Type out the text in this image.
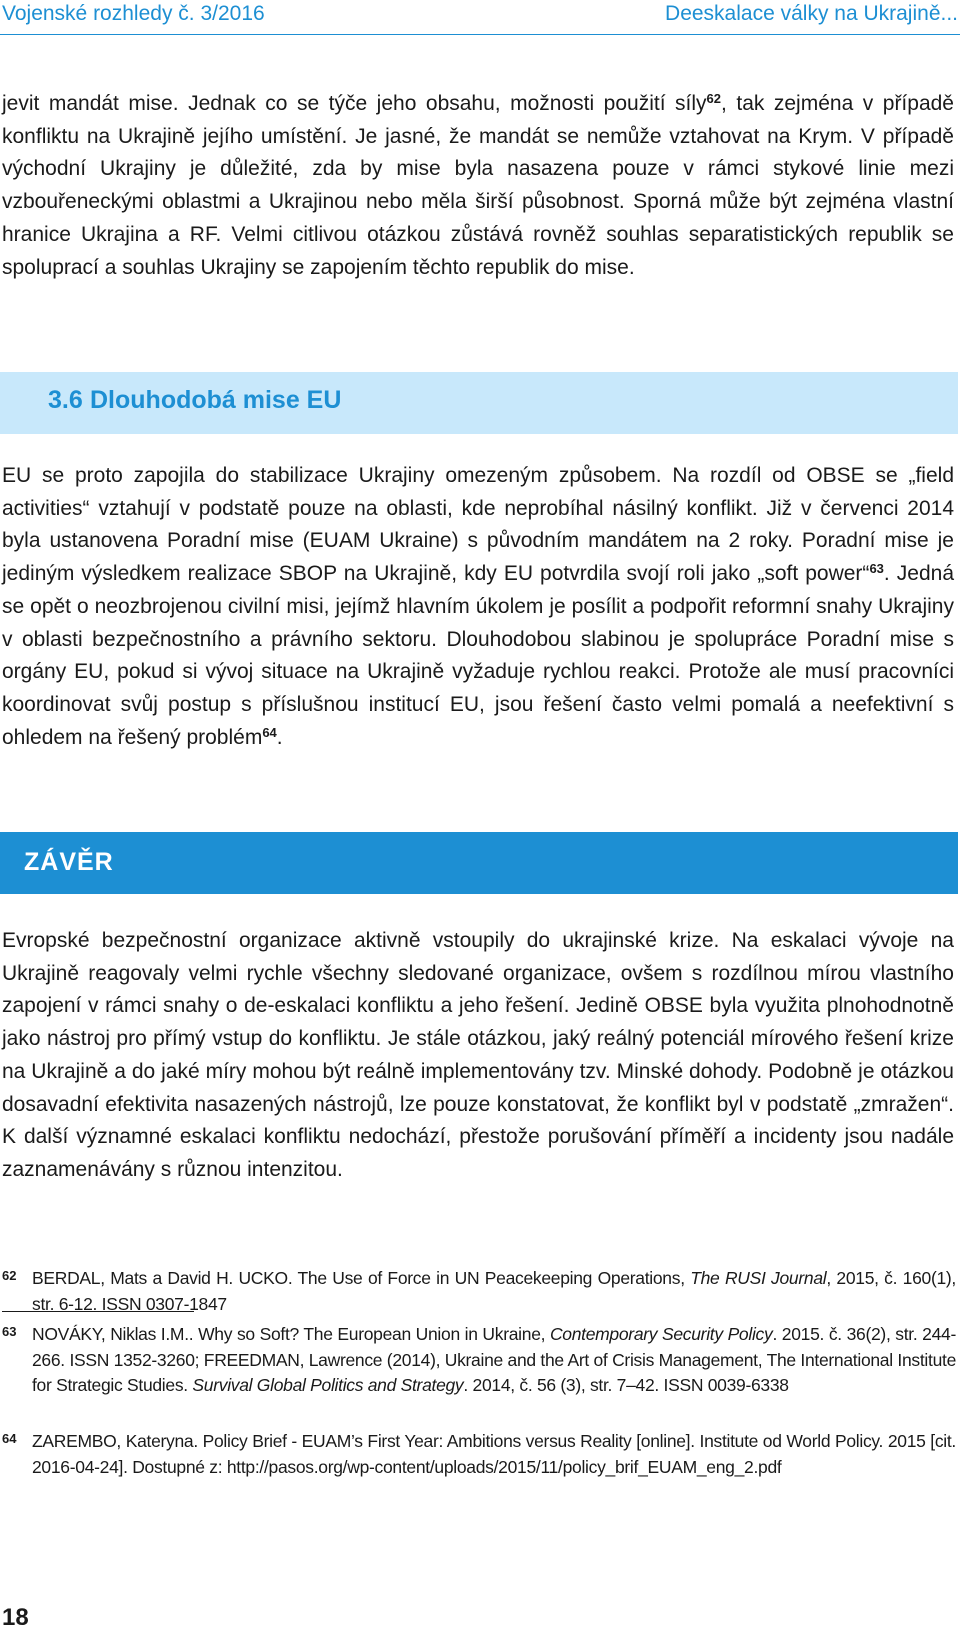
Vojenské rozhledy č. 3/2016	Deeskalace války na Ukrajině...

jevit mandát mise. Jednak co se týče jeho obsahu, možnosti použití síly$^{62}$, tak zejména v případě konfliktu na Ukrajině jejího umístění. Je jasné, že mandát se nemůže vztahovat na Krym. V případě východní Ukrajiny je důležité, zda by mise byla nasazena pouze v rámci stykové linie mezi vzbouřeneckými oblastmi a Ukrajinou nebo měla širší působnost. Sporná může být zejména vlastní hranice Ukrajina a RF. Velmi citlivou otázkou zůstává rovněž souhlas separatistických republik se spoluprací a souhlas Ukrajiny se zapojením těchto republik do mise.

3.6 Dlouhodobá mise EU

EU se proto zapojila do stabilizace Ukrajiny omezeným způsobem. Na rozdíl od OBSE se „field activities“ vztahují v podstatě pouze na oblasti, kde neprobíhal násilný konflikt. Již v červenci 2014 byla ustanovena Poradní mise (EUAM Ukraine) s původním mandátem na 2 roky. Poradní mise je jediným výsledkem realizace SBOP na Ukrajině, kdy EU potvrdila svojí roli jako „soft power“$^{63}$. Jedná se opět o neozbrojenou civilní misi, jejímž hlavním úkolem je posílit a podpořit reformní snahy Ukrajiny v oblasti bezpečnostního a právního sektoru. Dlouhodobou slabinou je spolupráce Poradní mise s orgány EU, pokud si vývoj situace na Ukrajině vyžaduje rychlou reakci. Protože ale musí pracovníci koordinovat svůj postup s příslušnou institucí EU, jsou řešení často velmi pomalá a neefektivní s ohledem na řešený problém$^{64}$.

ZÁVĚR

Evropské bezpečnostní organizace aktivně vstoupily do ukrajinské krize. Na eskalaci vývoje na Ukrajině reagovaly velmi rychle všechny sledované organizace, ovšem s rozdílnou mírou vlastního zapojení v rámci snahy o de-eskalaci konfliktu a jeho řešení. Jedině OBSE byla využita plnohodnotně jako nástroj pro přímý vstup do konfliktu. Je stále otázkou, jaký reálný potenciál mírového řešení krize na Ukrajině a do jaké míry mohou být reálně implementovány tzv. Minské dohody. Podobně je otázkou dosavadní efektivita nasazených nástrojů, lze pouze konstatovat, že konflikt byl v podstatě „zmražen“. K další významné eskalaci konfliktu nedochází, přestože porušování příměří a incidenty jsou nadále zaznamenávány s různou intenzitou.

62 BERDAL, Mats a David H. UCKO. The Use of Force in UN Peacekeeping Operations, The RUSI Journal, 2015, č. 160(1), str. 6-12. ISSN 0307-1847

63 NOVÁKY, Niklas I.M.. Why so Soft? The European Union in Ukraine, Contemporary Security Policy. 2015. č. 36(2), str. 244-266. ISSN 1352-3260; FREEDMAN, Lawrence (2014), Ukraine and the Art of Crisis Management, The International Institute for Strategic Studies. Survival Global Politics and Strategy. 2014, č. 56 (3), str. 7–42. ISSN 0039-6338

64 ZAREMBO, Kateryna. Policy Brief - EUAM’s First Year: Ambitions versus Reality [online]. Institute od World Policy. 2015 [cit. 2016-04-24]. Dostupné z: http://pasos.org/wp-content/uploads/2015/11/policy_brif_EUAM_eng_2.pdf

18
